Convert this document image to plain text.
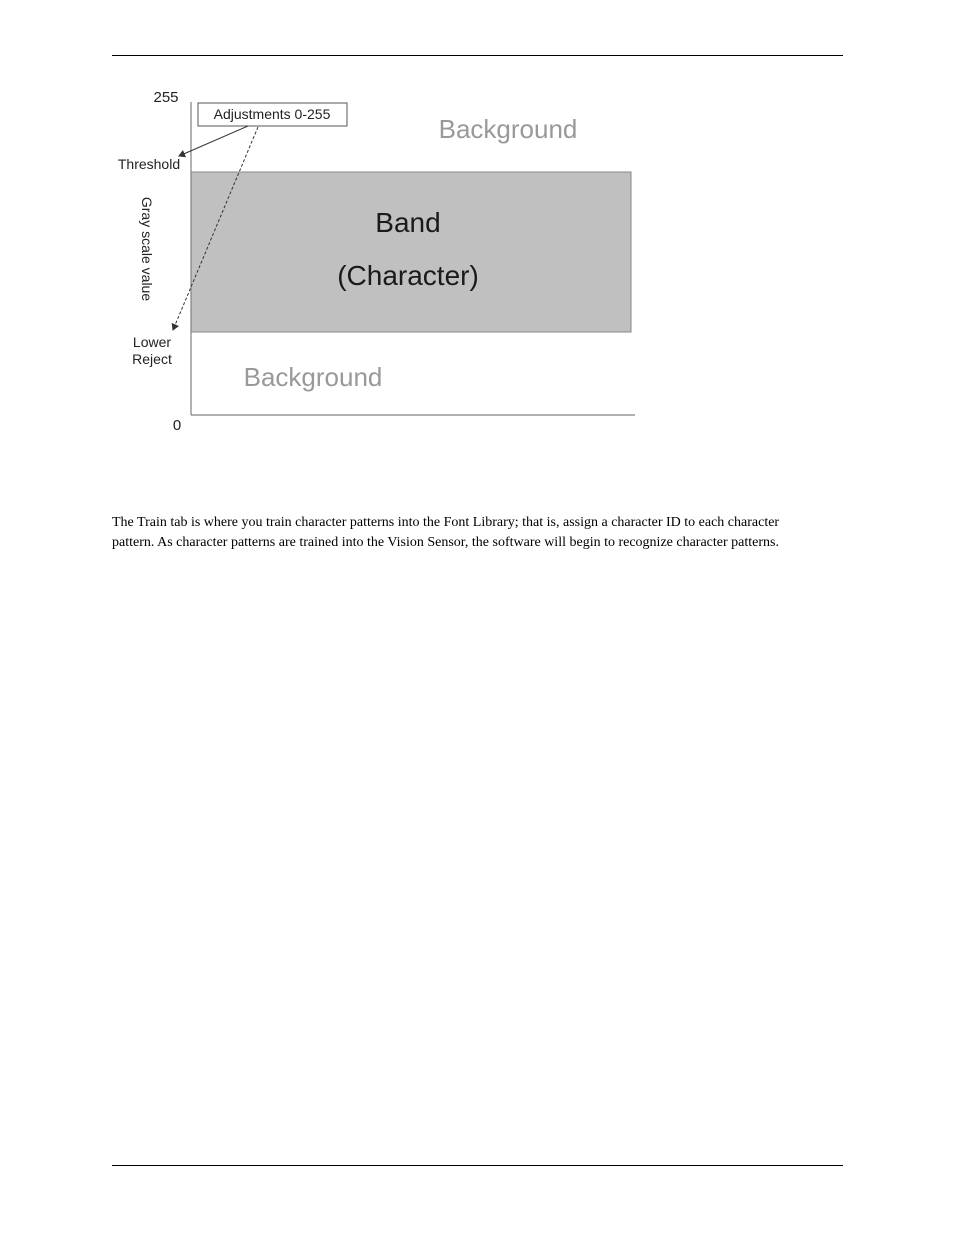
255
Adjustments 0-255
Threshold
Gray scale value
Lower
Reject
0
Background
Band
(Character)
Background

The Train tab is where you train character patterns into the Font Library; that is, assign a character ID to each character

pattern. As character patterns are trained into the Vision Sensor, the software will begin to recognize character patterns.
